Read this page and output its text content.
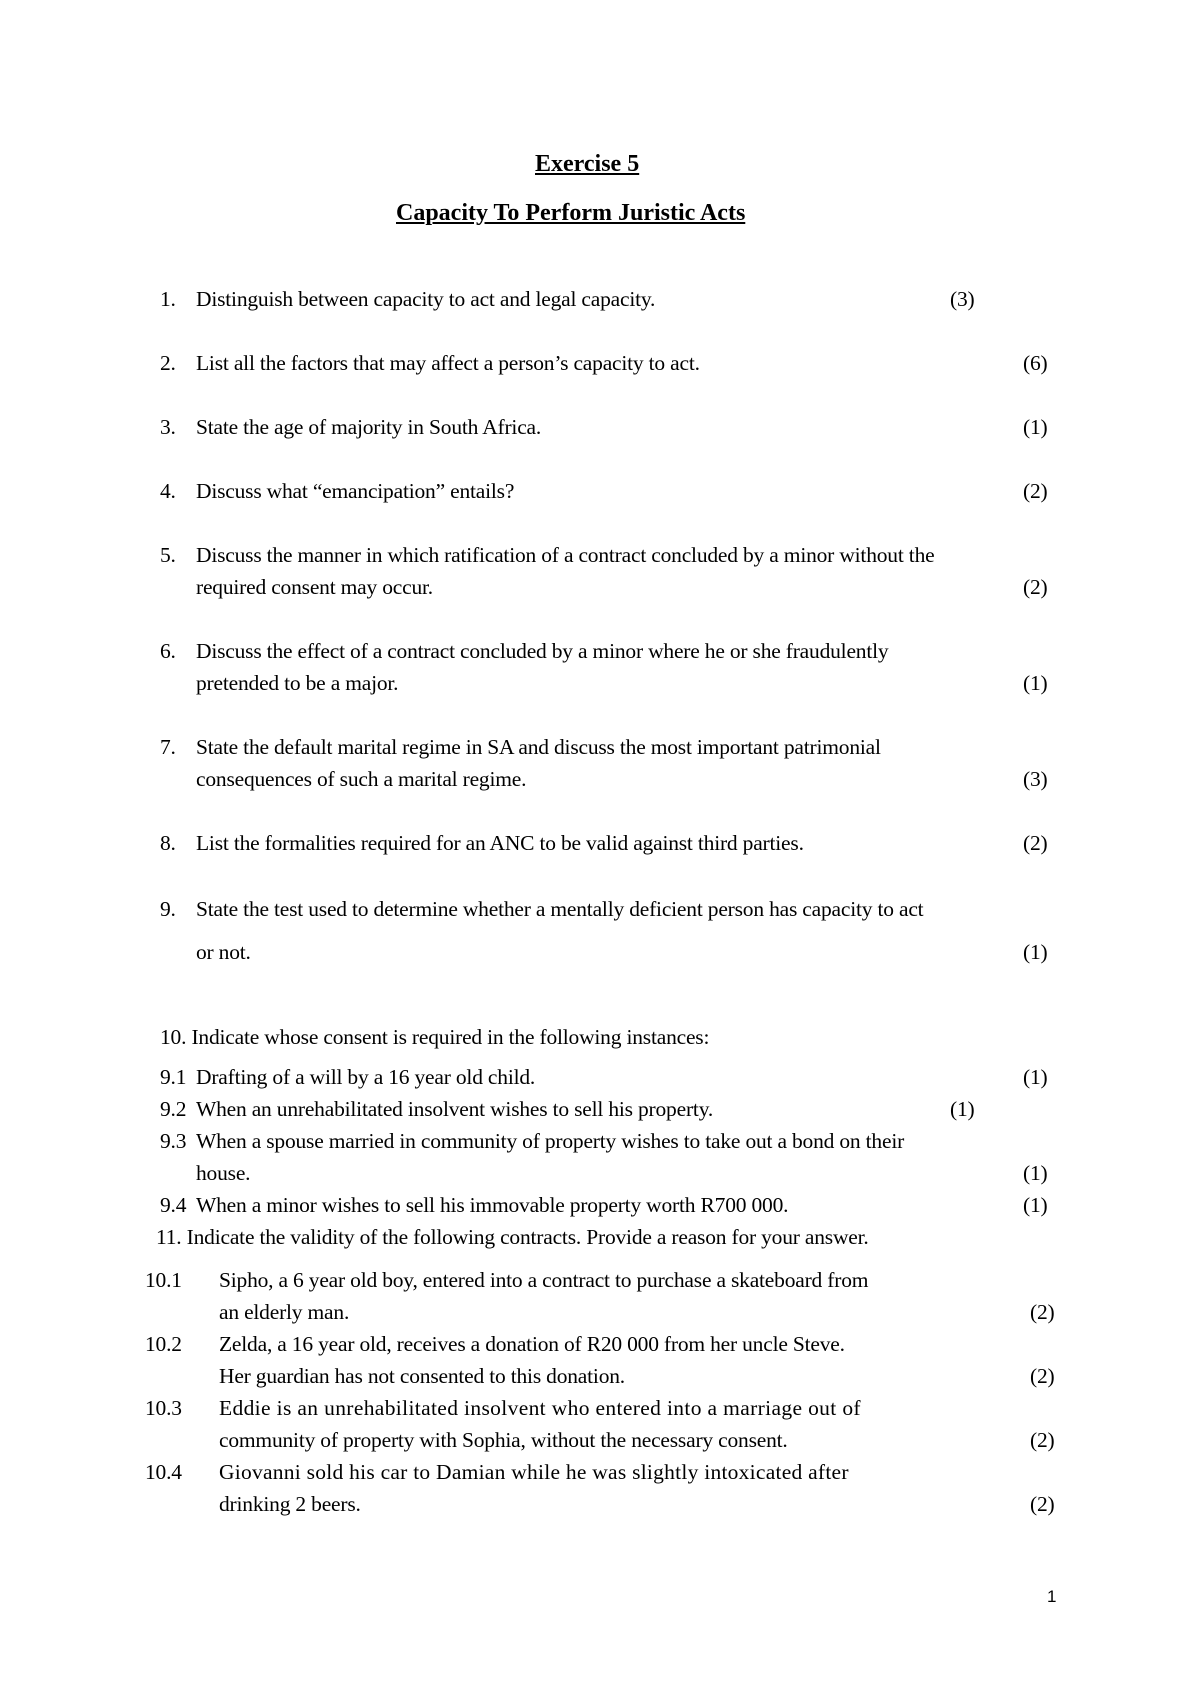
Exercise 5
Capacity To Perform Juristic Acts
1. Distinguish between capacity to act and legal capacity.	(3)
2. List all the factors that may affect a person’s capacity to act.	(6)
3. State the age of majority in South Africa.	(1)
4. Discuss what “emancipation” entails?	(2)
5. Discuss the manner in which ratification of a contract concluded by a minor without the
required consent may occur.	(2)
6. Discuss the effect of a contract concluded by a minor where he or she fraudulently
pretended to be a major.	(1)
7. State the default marital regime in SA and discuss the most important patrimonial
consequences of such a marital regime.	(3)
8. List the formalities required for an ANC to be valid against third parties.	(2)
9. State the test used to determine whether a mentally deficient person has capacity to act
or not.	(1)
10. Indicate whose consent is required in the following instances:
9.1 Drafting of a will by a 16 year old child.	(1)
9.2 When an unrehabilitated insolvent wishes to sell his property.	(1)
9.3 When a spouse married in community of property wishes to take out a bond on their
house.	(1)
9.4 When a minor wishes to sell his immovable property worth R700 000.	(1)
11. Indicate the validity of the following contracts. Provide a reason for your answer.
10.1 Sipho, a 6 year old boy, entered into a contract to purchase a skateboard from
an elderly man.	(2)
10.2 Zelda, a 16 year old, receives a donation of R20 000 from her uncle Steve.
Her guardian has not consented to this donation.	(2)
10.3 Eddie is an unrehabilitated insolvent who entered into a marriage out of
community of property with Sophia, without the necessary consent.	(2)
10.4 Giovanni sold his car to Damian while he was slightly intoxicated after
drinking 2 beers.	(2)
1
